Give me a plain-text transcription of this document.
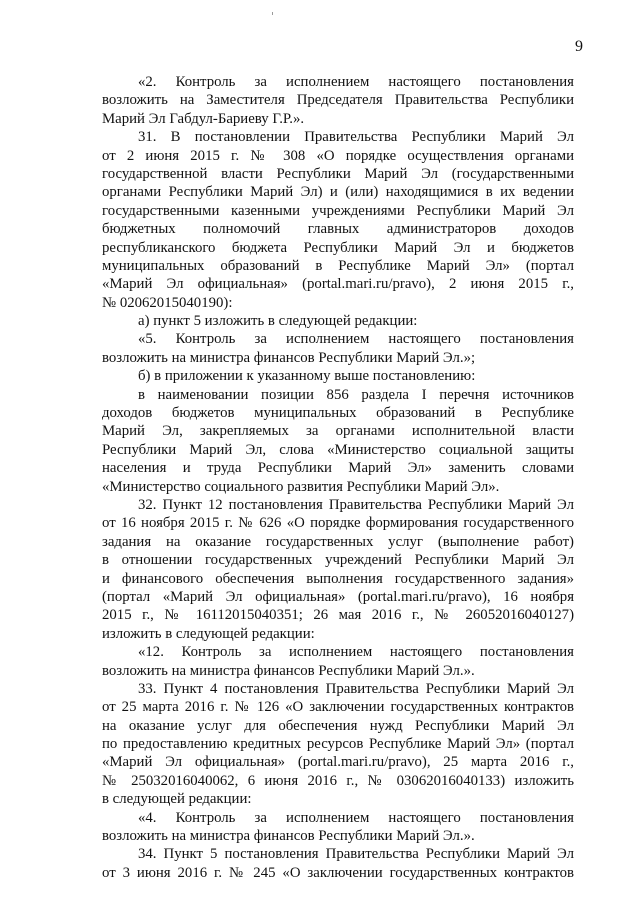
9
«2. Контроль за исполнением настоящего постановления
возложить на Заместителя Председателя Правительства Республики
Марий Эл Габдул-Бариеву Г.Р.».
31. В постановлении Правительства Республики Марий Эл
от 2 июня 2015 г. № 308 «О порядке осуществления органами
государственной власти Республики Марий Эл (государственными
органами Республики Марий Эл) и (или) находящимися в их ведении
государственными казенными учреждениями Республики Марий Эл
бюджетных полномочий главных администраторов доходов
республиканского бюджета Республики Марий Эл и бюджетов
муниципальных образований в Республике Марий Эл» (портал
«Марий Эл официальная» (portal.mari.ru/pravo), 2 июня 2015 г.,
№ 02062015040190):
а) пункт 5 изложить в следующей редакции:
«5. Контроль за исполнением настоящего постановления
возложить на министра финансов Республики Марий Эл.»;
б) в приложении к указанному выше постановлению:
в наименовании позиции 856 раздела I перечня источников
доходов бюджетов муниципальных образований в Республике
Марий Эл, закрепляемых за органами исполнительной власти
Республики Марий Эл, слова «Министерство социальной защиты
населения и труда Республики Марий Эл» заменить словами
«Министерство социального развития Республики Марий Эл».
32. Пункт 12 постановления Правительства Республики Марий Эл
от 16 ноября 2015 г. № 626 «О порядке формирования государственного
задания на оказание государственных услуг (выполнение работ)
в отношении государственных учреждений Республики Марий Эл
и финансового обеспечения выполнения государственного задания»
(портал «Марий Эл официальная» (portal.mari.ru/pravo), 16 ноября
2015 г., № 16112015040351; 26 мая 2016 г., № 26052016040127)
изложить в следующей редакции:
«12. Контроль за исполнением настоящего постановления
возложить на министра финансов Республики Марий Эл.».
33. Пункт 4 постановления Правительства Республики Марий Эл
от 25 марта 2016 г. № 126 «О заключении государственных контрактов
на оказание услуг для обеспечения нужд Республики Марий Эл
по предоставлению кредитных ресурсов Республике Марий Эл» (портал
«Марий Эл официальная» (portal.mari.ru/pravo), 25 марта 2016 г.,
№ 25032016040062, 6 июня 2016 г., № 03062016040133) изложить
в следующей редакции:
«4. Контроль за исполнением настоящего постановления
возложить на министра финансов Республики Марий Эл.».
34. Пункт 5 постановления Правительства Республики Марий Эл
от 3 июня 2016 г. № 245 «О заключении государственных контрактов
